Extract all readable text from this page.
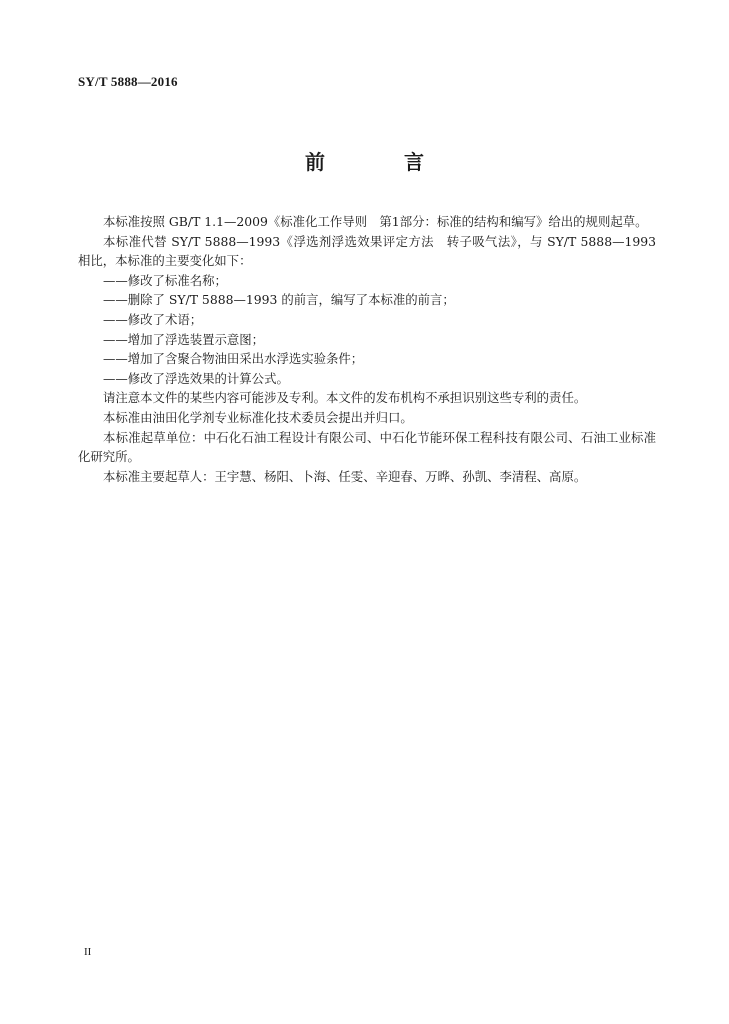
SY/T 5888—2016
前 言

本标准按照 GB/T 1.1—2009《标准化工作导则　第1部分：标准的结构和编写》给出的规则起草。

本标准代替 SY/T 5888—1993《浮选剂浮选效果评定方法　转子吸气法》，与 SY/T 5888—1993 相比，本标准的主要变化如下：

——修改了标准名称；

——删除了 SY/T 5888—1993 的前言，编写了本标准的前言；

——修改了术语；

——增加了浮选装置示意图；

——增加了含聚合物油田采出水浮选实验条件；

——修改了浮选效果的计算公式。

请注意本文件的某些内容可能涉及专利。本文件的发布机构不承担识别这些专利的责任。

本标准由油田化学剂专业标准化技术委员会提出并归口。

本标准起草单位：中石化石油工程设计有限公司、中石化节能环保工程科技有限公司、石油工业标准化研究所。

本标准主要起草人：王宇慧、杨阳、卜海、任雯、辛迎春、万晔、孙凯、李清程、高原。

II
